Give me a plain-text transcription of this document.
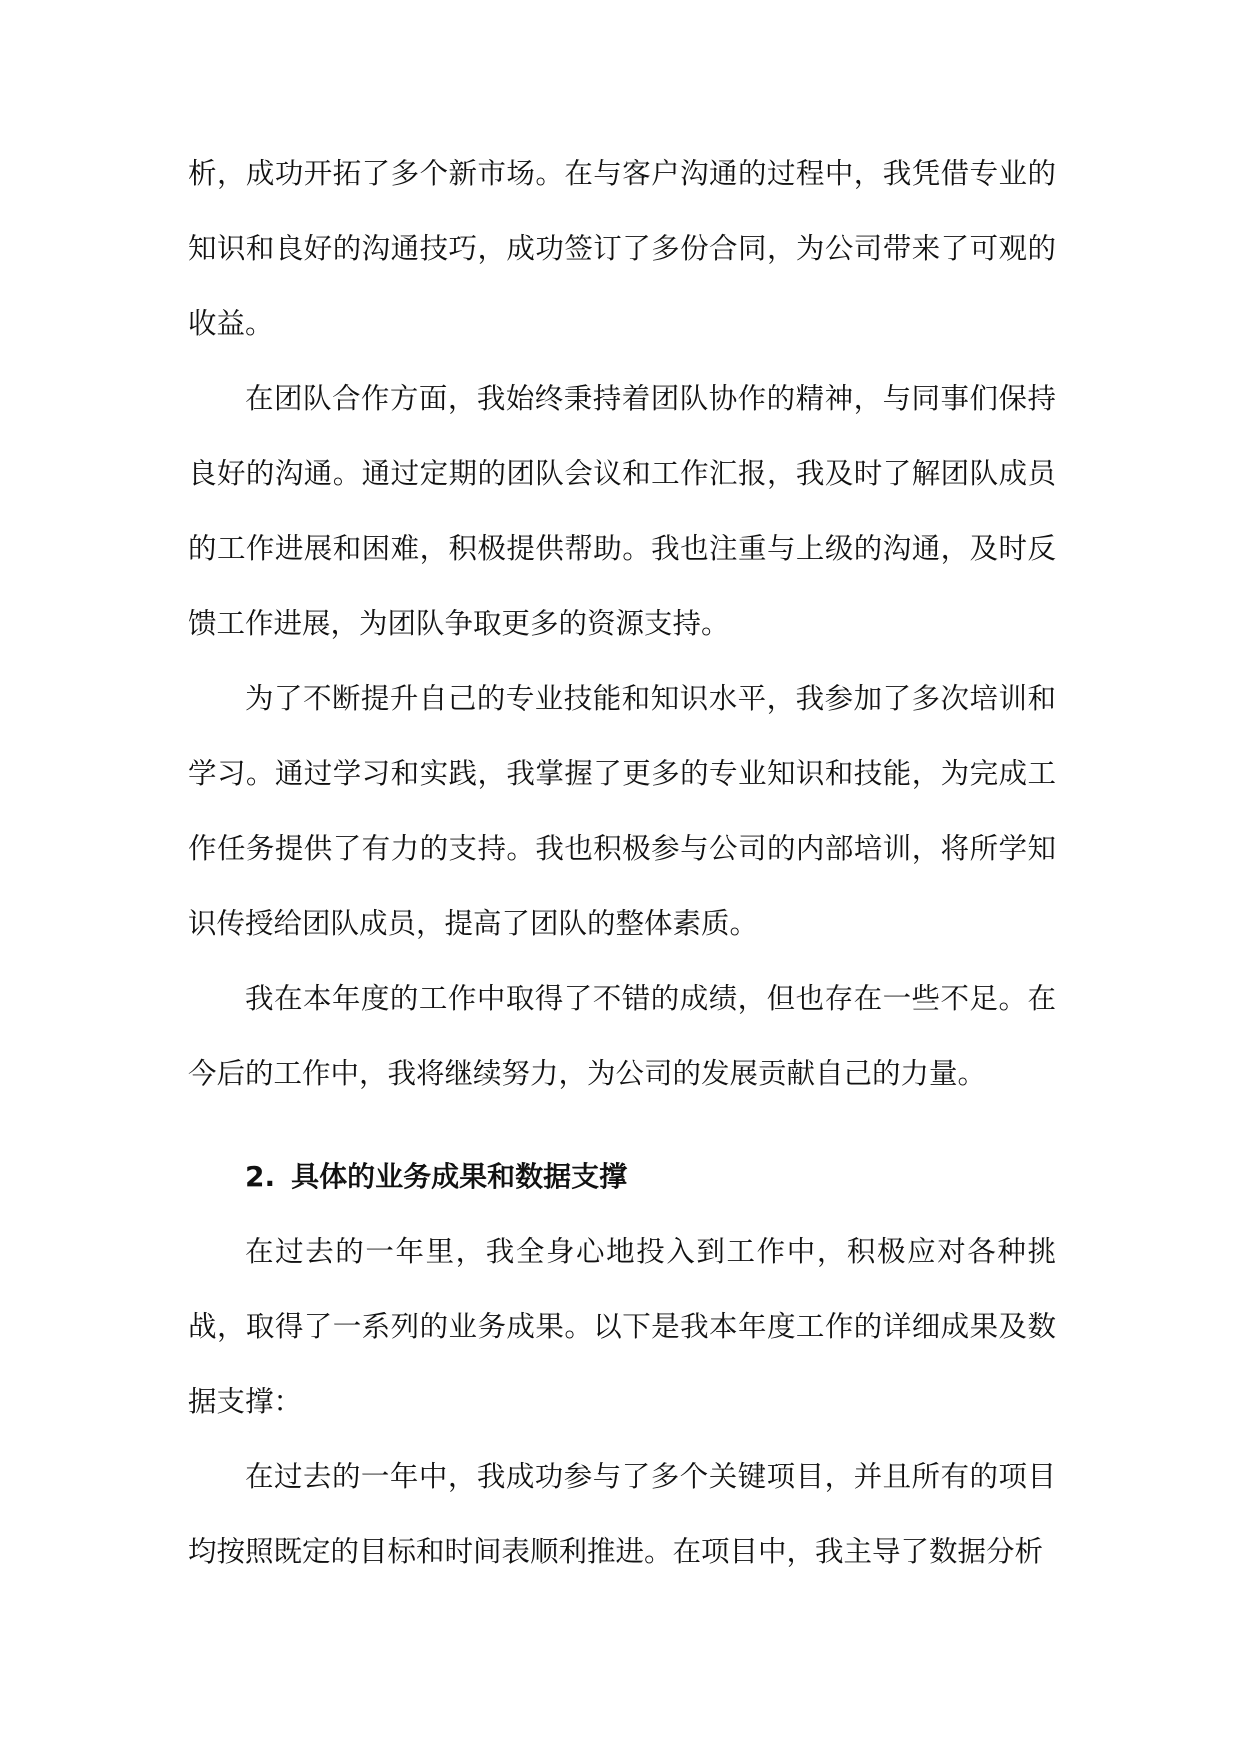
析，成功开拓了多个新市场。在与客户沟通的过程中，我凭借专业的知识和良好的沟通技巧，成功签订了多份合同，为公司带来了可观的收益。

在团队合作方面，我始终秉持着团队协作的精神，与同事们保持良好的沟通。通过定期的团队会议和工作汇报，我及时了解团队成员的工作进展和困难，积极提供帮助。我也注重与上级的沟通，及时反馈工作进展，为团队争取更多的资源支持。

为了不断提升自己的专业技能和知识水平，我参加了多次培训和学习。通过学习和实践，我掌握了更多的专业知识和技能，为完成工作任务提供了有力的支持。我也积极参与公司的内部培训，将所学知识传授给团队成员，提高了团队的整体素质。

我在本年度的工作中取得了不错的成绩，但也存在一些不足。在今后的工作中，我将继续努力，为公司的发展贡献自己的力量。

2. 具体的业务成果和数据支撑

在过去的一年里，我全身心地投入到工作中，积极应对各种挑战，取得了一系列的业务成果。以下是我本年度工作的详细成果及数据支撑：

在过去的一年中，我成功参与了多个关键项目，并且所有的项目均按照既定的目标和时间表顺利推进。在项目中，我主导了数据分析
